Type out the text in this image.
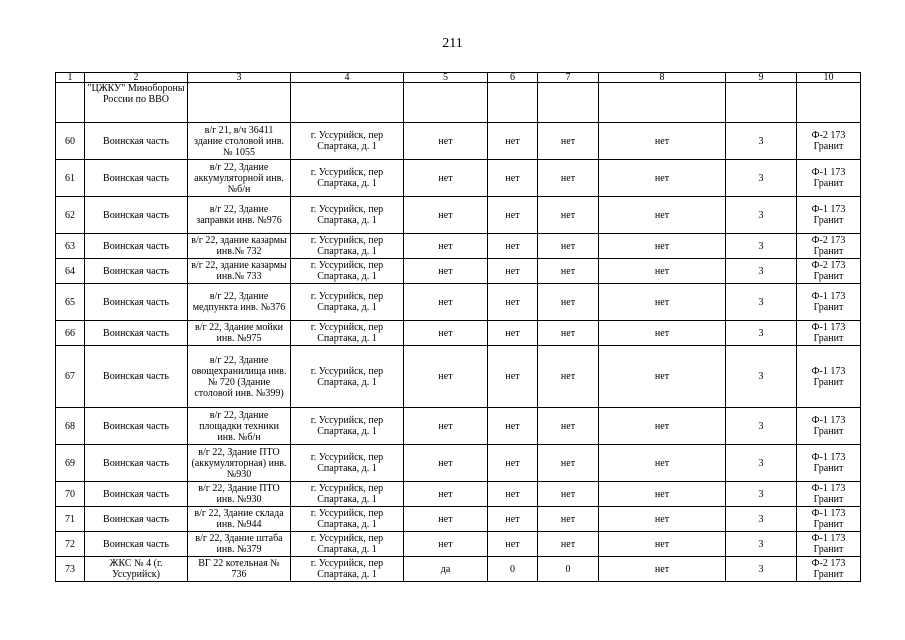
211
1	2	3	4	5	6	7	8	9	10
	"ЦЖКУ" Минобороны России по ВВО								
60	Воинская часть	в/г 21, в/ч 36411 здание столовой инв.№ 1055	г. Уссурийск, пер Спартака, д. 1	нет	нет	нет	нет	3	Ф-2 173 Гранит
61	Воинская часть	в/г 22, Здание аккумуляторной инв. №б/н	г. Уссурийск, пер Спартака, д. 1	нет	нет	нет	нет	3	Ф-1 173 Гранит
62	Воинская часть	в/г 22, Здание заправки инв. №976	г. Уссурийск, пер Спартака, д. 1	нет	нет	нет	нет	3	Ф-1 173 Гранит
63	Воинская часть	в/г 22, здание казармы инв.№ 732	г. Уссурийск, пер Спартака, д. 1	нет	нет	нет	нет	3	Ф-2 173 Гранит
64	Воинская часть	в/г 22, здание казармы инв.№ 733	г. Уссурийск, пер Спартака, д. 1	нет	нет	нет	нет	3	Ф-2 173 Гранит
65	Воинская часть	в/г 22, Здание медпункта инв. №376	г. Уссурийск, пер Спартака, д. 1	нет	нет	нет	нет	3	Ф-1 173 Гранит
66	Воинская часть	в/г 22, Здание мойки инв. №975	г. Уссурийск, пер Спартака, д. 1	нет	нет	нет	нет	3	Ф-1 173 Гранит
67	Воинская часть	в/г 22, Здание овощехранилища инв.№ 720 (Здание столовой инв. №399)	г. Уссурийск, пер Спартака, д. 1	нет	нет	нет	нет	3	Ф-1 173 Гранит
68	Воинская часть	в/г 22, Здание площадки техники инв. №б/н	г. Уссурийск, пер Спартака, д. 1	нет	нет	нет	нет	3	Ф-1 173 Гранит
69	Воинская часть	в/г 22, Здание ПТО (аккумуляторная) инв. №930	г. Уссурийск, пер Спартака, д. 1	нет	нет	нет	нет	3	Ф-1 173 Гранит
70	Воинская часть	в/г 22, Здание ПТО инв. №930	г. Уссурийск, пер Спартака, д. 1	нет	нет	нет	нет	3	Ф-1 173 Гранит
71	Воинская часть	в/г 22, Здание склада инв. №944	г. Уссурийск, пер Спартака, д. 1	нет	нет	нет	нет	3	Ф-1 173 Гранит
72	Воинская часть	в/г 22, Здание штаба инв. №379	г. Уссурийск, пер Спартака, д. 1	нет	нет	нет	нет	3	Ф-1 173 Гранит
73	ЖКС № 4 (г. Уссурийск)	ВГ 22 котельная № 736	г. Уссурийск, пер Спартака, д. 1	да	0	0	нет	3	Ф-2 173 Гранит
